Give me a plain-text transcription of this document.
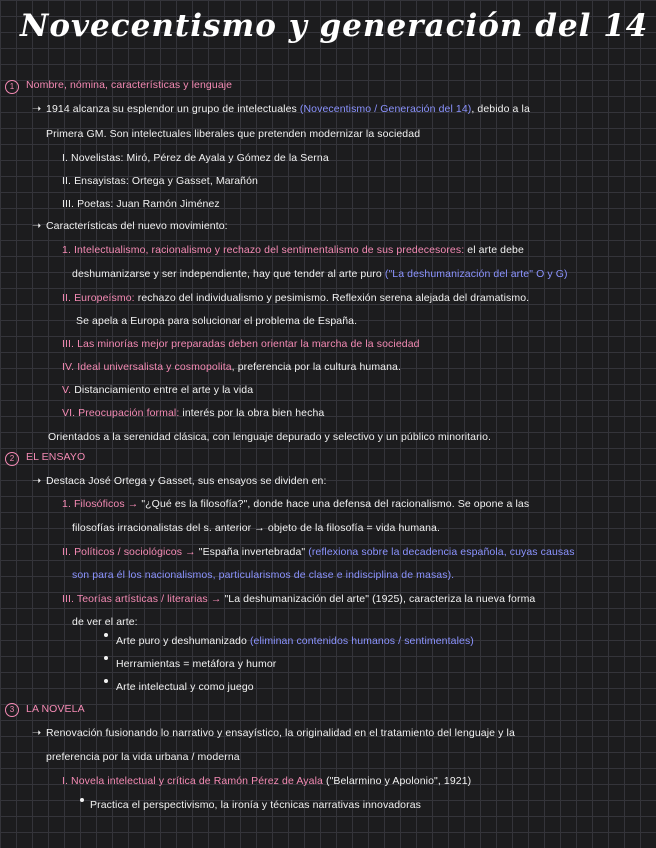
Novecentismo y generación del 14
1	Nombre, nómina, características y lenguaje
➝ 1914 alcanza su esplendor un grupo de intelectuales (Novecentismo / Generación del 14), debido a la
Primera GM. Son intelectuales liberales que pretenden modernizar la sociedad
I. Novelistas: Miró, Pérez de Ayala y Gómez de la Serna
II. Ensayistas: Ortega y Gasset, Marañón
III. Poetas: Juan Ramón Jiménez
➝ Características del nuevo movimiento:
1. Intelectualismo, racionalismo y rechazo del sentimentalismo de sus predecesores: el arte debe
deshumanizarse y ser independiente, hay que tender al arte puro ("La deshumanización del arte" O y G)
II. Europeísmo: rechazo del individualismo y pesimismo. Reflexión serena alejada del dramatismo.
Se apela a Europa para solucionar el problema de España.
III. Las minorías mejor preparadas deben orientar la marcha de la sociedad
IV. Ideal universalista y cosmopolita, preferencia por la cultura humana.
V. Distanciamiento entre el arte y la vida
VI. Preocupación formal: interés por la obra bien hecha
Orientados a la serenidad clásica, con lenguaje depurado y selectivo y un público minoritario.
2	EL ENSAYO
➝ Destaca José Ortega y Gasset, sus ensayos se dividen en:
1. Filosóficos → "¿Qué es la filosofía?", donde hace una defensa del racionalismo. Se opone a las
filosofías irracionalistas del s. anterior → objeto de la filosofía = vida humana.
II. Políticos / sociológicos → "España invertebrada" (reflexiona sobre la decadencia española, cuyas causas
son para él los nacionalismos, particularismos de clase e indisciplina de masas).
III. Teorías artísticas / literarias → "La deshumanización del arte" (1925), caracteriza la nueva forma
de ver el arte:
Arte puro y deshumanizado (eliminan contenidos humanos / sentimentales)
Herramientas = metáfora y humor
Arte intelectual y como juego
3	LA NOVELA
➝ Renovación fusionando lo narrativo y ensayístico, la originalidad en el tratamiento del lenguaje y la
preferencia por la vida urbana / moderna
I. Novela intelectual y crítica de Ramón Pérez de Ayala ("Belarmino y Apolonio", 1921)
Practica el perspectivismo, la ironía y técnicas narrativas innovadoras
